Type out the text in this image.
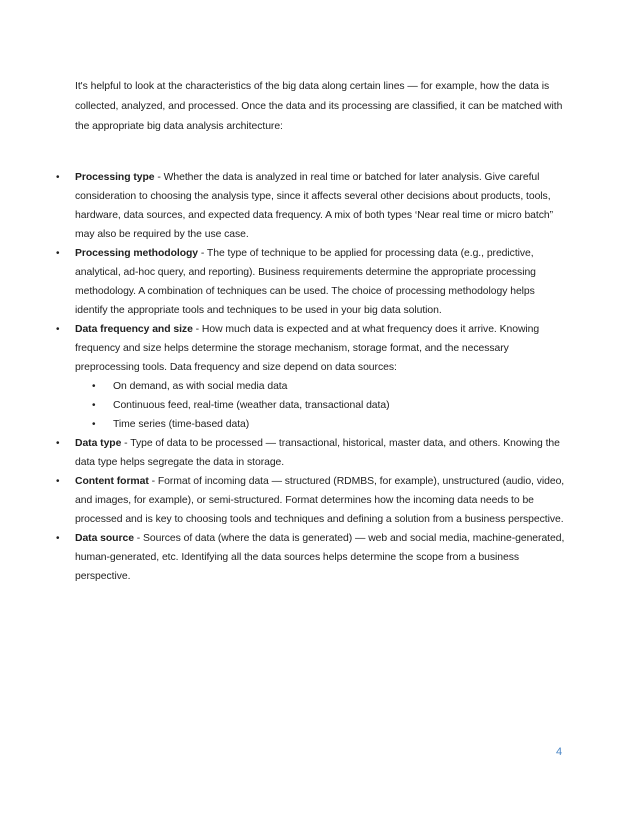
It's helpful to look at the characteristics of the big data along certain lines — for example, how the data is collected, analyzed, and processed. Once the data and its processing are classified, it can be matched with the appropriate big data analysis architecture:

• Processing type - Whether the data is analyzed in real time or batched for later analysis. Give careful consideration to choosing the analysis type, since it affects several other decisions about products, tools, hardware, data sources, and expected data frequency. A mix of both types ‘Near real time or micro batch” may also be required by the use case.
• Processing methodology - The type of technique to be applied for processing data (e.g., predictive, analytical, ad-hoc query, and reporting). Business requirements determine the appropriate processing methodology. A combination of techniques can be used. The choice of processing methodology helps identify the appropriate tools and techniques to be used in your big data solution.
• Data frequency and size - How much data is expected and at what frequency does it arrive. Knowing frequency and size helps determine the storage mechanism, storage format, and the necessary preprocessing tools. Data frequency and size depend on data sources:
• On demand, as with social media data
• Continuous feed, real-time (weather data, transactional data)
• Time series (time-based data)
• Data type - Type of data to be processed — transactional, historical, master data, and others. Knowing the data type helps segregate the data in storage.
• Content format - Format of incoming data — structured (RDMBS, for example), unstructured (audio, video, and images, for example), or semi-structured. Format determines how the incoming data needs to be processed and is key to choosing tools and techniques and defining a solution from a business perspective.
• Data source - Sources of data (where the data is generated) — web and social media, machine-generated, human-generated, etc. Identifying all the data sources helps determine the scope from a business perspective.
4
